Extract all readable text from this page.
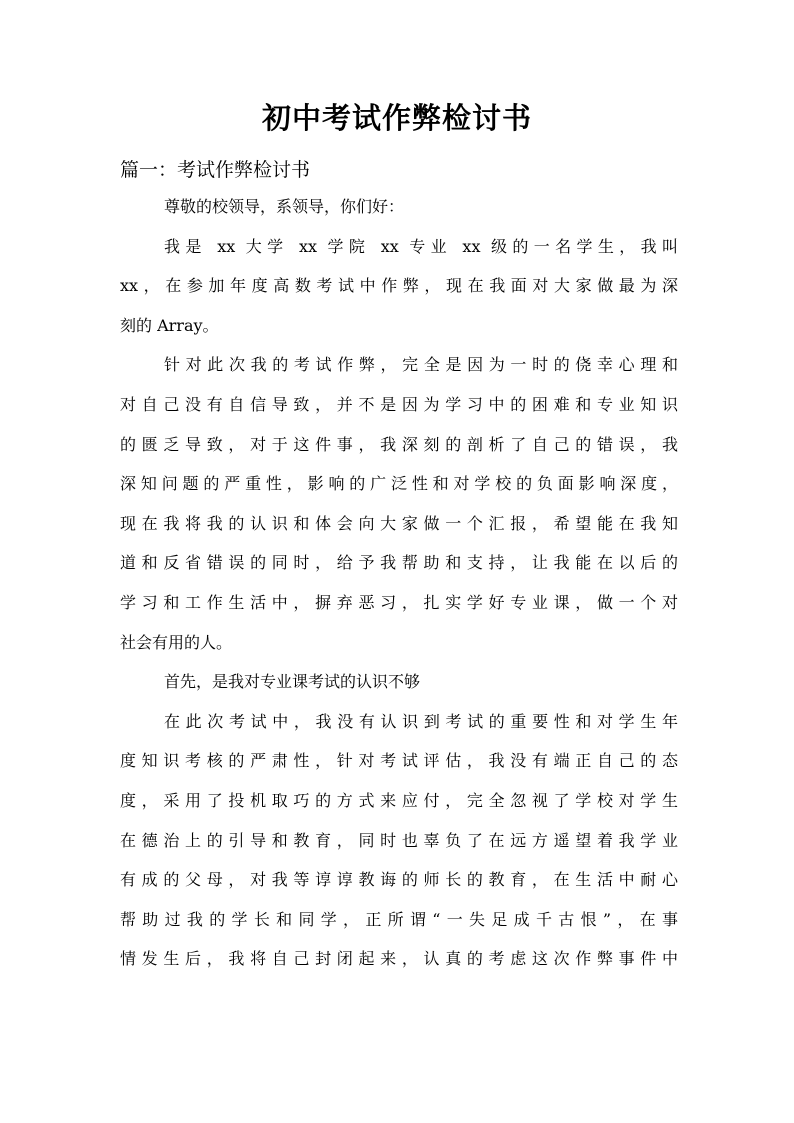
初中考试作弊检讨书
篇一：考试作弊检讨书
尊敬的校领导，系领导，你们好：
我是 xx 大学 xx 学院 xx 专业 xx 级的一名学生，我叫
xx，在参加年度高数考试中作弊，现在我面对大家做最为深
刻的 Array。
针对此次我的考试作弊，完全是因为一时的侥幸心理和
对自己没有自信导致，并不是因为学习中的困难和专业知识
的匮乏导致，对于这件事，我深刻的剖析了自己的错误，我
深知问题的严重性，影响的广泛性和对学校的负面影响深度，
现在我将我的认识和体会向大家做一个汇报，希望能在我知
道和反省错误的同时，给予我帮助和支持，让我能在以后的
学习和工作生活中，摒弃恶习，扎实学好专业课，做一个对
社会有用的人。
首先，是我对专业课考试的认识不够
在此次考试中，我没有认识到考试的重要性和对学生年
度知识考核的严肃性，针对考试评估，我没有端正自己的态
度，采用了投机取巧的方式来应付，完全忽视了学校对学生
在德治上的引导和教育，同时也辜负了在远方遥望着我学业
有成的父母，对我等谆谆教诲的师长的教育，在生活中耐心
帮助过我的学长和同学，正所谓“一失足成千古恨”，在事
情发生后，我将自己封闭起来，认真的考虑这次作弊事件中
